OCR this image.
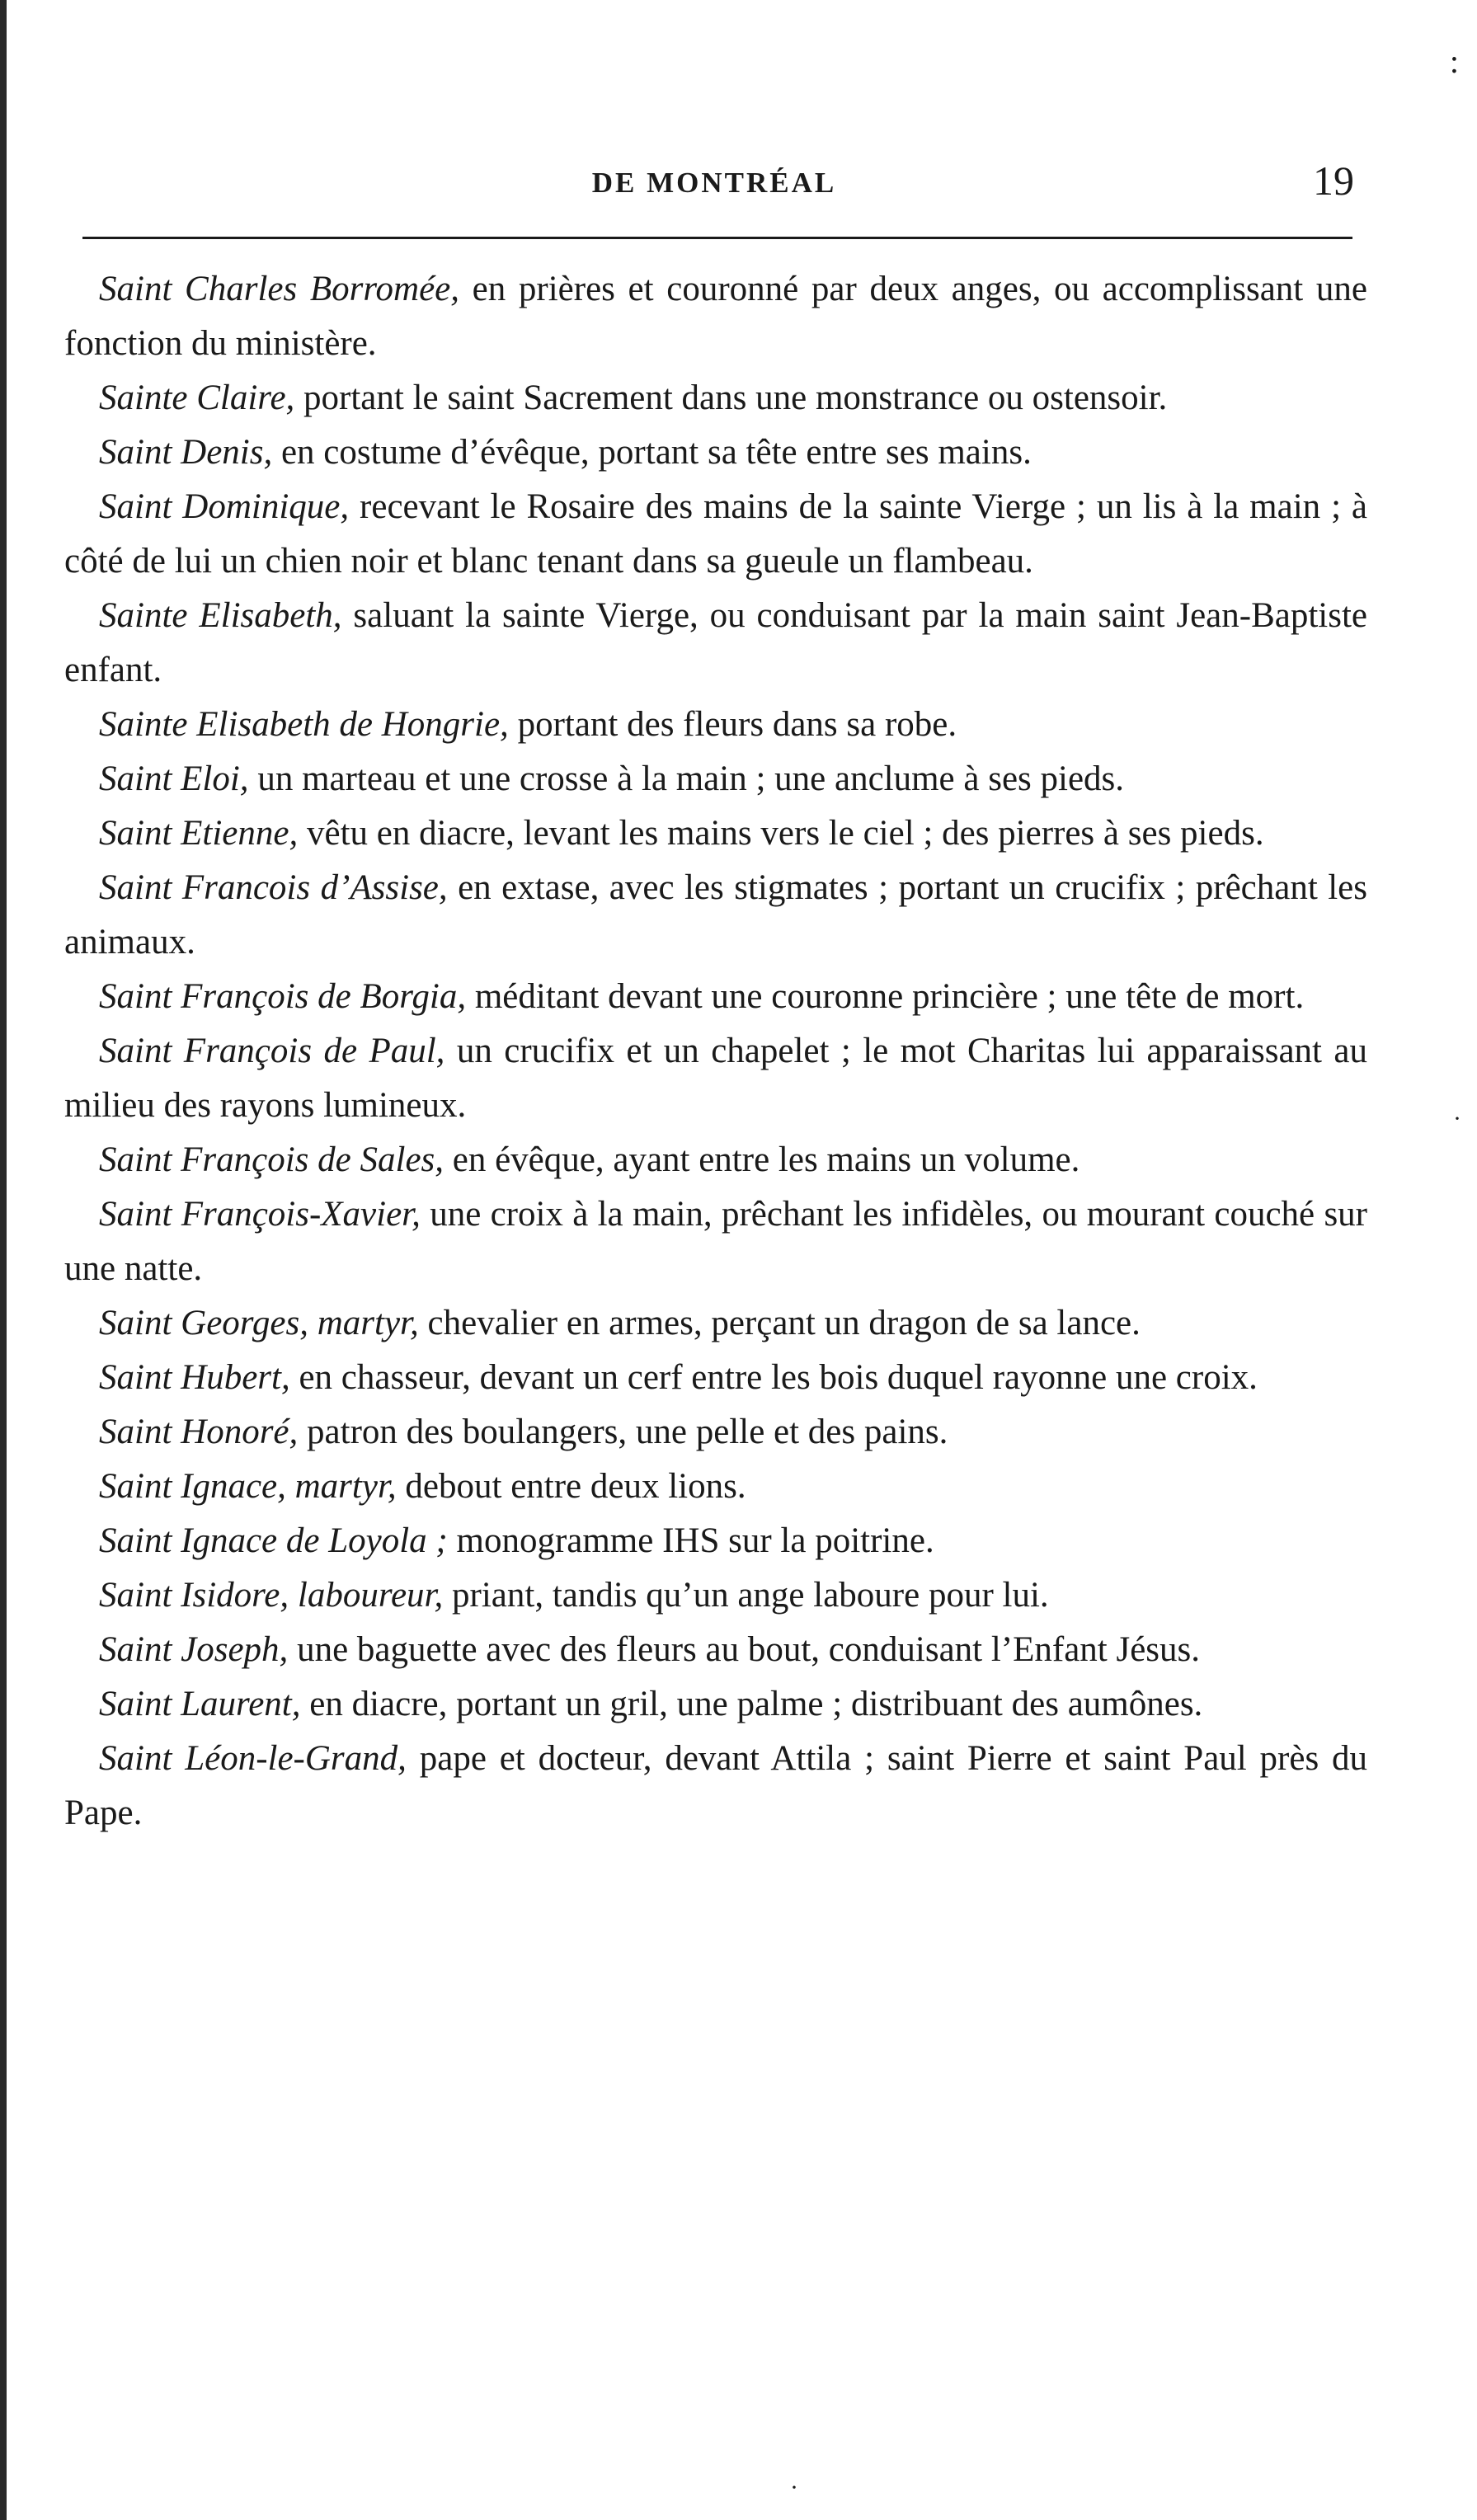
:
DE MONTRÉAL	19

Saint Charles Borromée, en prières et couronné par deux anges, ou accomplissant une fonction du ministère.

Sainte Claire, portant le saint Sacrement dans une monstrance ou ostensoir.

Saint Denis, en costume d’évêque, portant sa tête entre ses mains.

Saint Dominique, recevant le Rosaire des mains de la sainte Vierge ; un lis à la main ; à côté de lui un chien noir et blanc tenant dans sa gueule un flambeau.

Sainte Elisabeth, saluant la sainte Vierge, ou conduisant par la main saint Jean-Baptiste enfant.

Sainte Elisabeth de Hongrie, portant des fleurs dans sa robe.

Saint Eloi, un marteau et une crosse à la main ; une anclume à ses pieds.

Saint Etienne, vêtu en diacre, levant les mains vers le ciel ; des pierres à ses pieds.

Saint Francois d’Assise, en extase, avec les stigmates ; portant un crucifix ; prêchant les animaux.

Saint François de Borgia, méditant devant une couronne princière ; une tête de mort.

Saint François de Paul, un crucifix et un chapelet ; le mot Charitas lui apparaissant au milieu des rayons lumineux.

Saint François de Sales, en évêque, ayant entre les mains un volume.

Saint François-Xavier, une croix à la main, prêchant les infidèles, ou mourant couché sur une natte.

Saint Georges, martyr, chevalier en armes, perçant un dragon de sa lance.

Saint Hubert, en chasseur, devant un cerf entre les bois duquel rayonne une croix.

Saint Honoré, patron des boulangers, une pelle et des pains.

Saint Ignace, martyr, debout entre deux lions.

Saint Ignace de Loyola ; monogramme IHS sur la poitrine.

Saint Isidore, laboureur, priant, tandis qu’un ange laboure pour lui.

Saint Joseph, une baguette avec des fleurs au bout, conduisant l’Enfant Jésus.

Saint Laurent, en diacre, portant un gril, une palme ; distribuant des aumônes.

Saint Léon-le-Grand, pape et docteur, devant Attila ; saint Pierre et saint Paul près du Pape.

·
·
